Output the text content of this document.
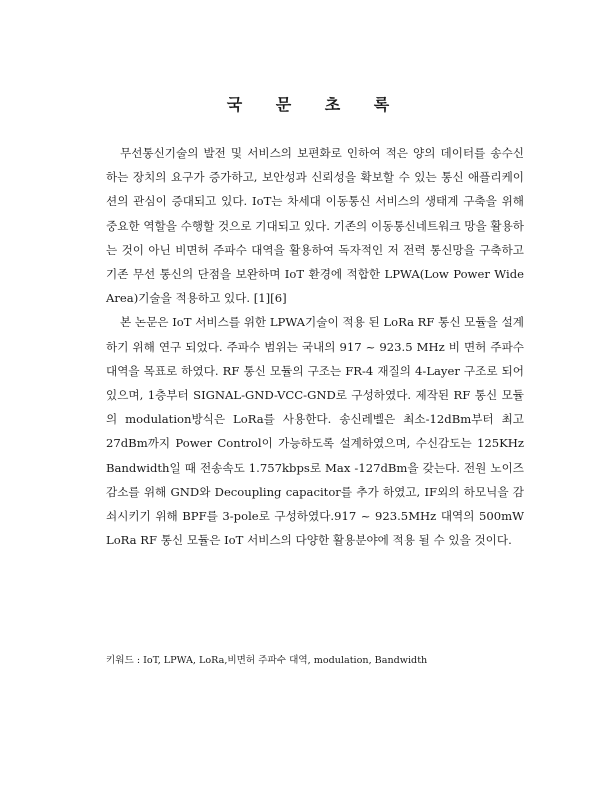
국 문 초 록

무선통신기술의 발전 및 서비스의 보편화로 인하여 적은 양의 데이터를 송수신 하는 장치의 요구가 증가하고, 보안성과 신뢰성을 확보할 수 있는 통신 애플리케이션의 관심이 증대되고 있다. IoT는 차세대 이동통신 서비스의 생태계 구축을 위해 중요한 역할을 수행할 것으로 기대되고 있다. 기존의 이동통신네트워크 망을 활용하는 것이 아닌 비면허 주파수 대역을 활용하여 독자적인 저 전력 통신망을 구축하고 기존 무선 통신의 단점을 보완하며 IoT 환경에 적합한 LPWA(Low Power Wide Area)기술을 적용하고 있다. [1][6]

본 논문은 IoT 서비스를 위한 LPWA기술이 적용 된 LoRa RF 통신 모듈을 설계하기 위해 연구 되었다. 주파수 범위는 국내의 917 ~ 923.5 MHz 비 면허 주파수 대역을 목표로 하였다. RF 통신 모듈의 구조는 FR-4 재질의 4-Layer 구조로 되어있으며, 1층부터 SIGNAL-GND-VCC-GND로 구성하였다. 제작된 RF 통신 모듈의 modulation방식은 LoRa를 사용한다. 송신레벨은 최소-12dBm부터 최고 27dBm까지 Power Control이 가능하도록 설계하였으며, 수신감도는 125KHz Bandwidth일 때 전송속도 1.757kbps로 Max -127dBm을 갖는다. 전원 노이즈 감소를 위해 GND와 Decoupling capacitor를 추가 하였고, IF외의 하모닉을 감쇠시키기 위해 BPF를 3-pole로 구성하였다.917 ~ 923.5MHz 대역의 500mW LoRa RF 통신 모듈은 IoT 서비스의 다양한 활용분야에 적용 될 수 있을 것이다.

키워드 : IoT, LPWA, LoRa,비면허 주파수 대역, modulation, Bandwidth
